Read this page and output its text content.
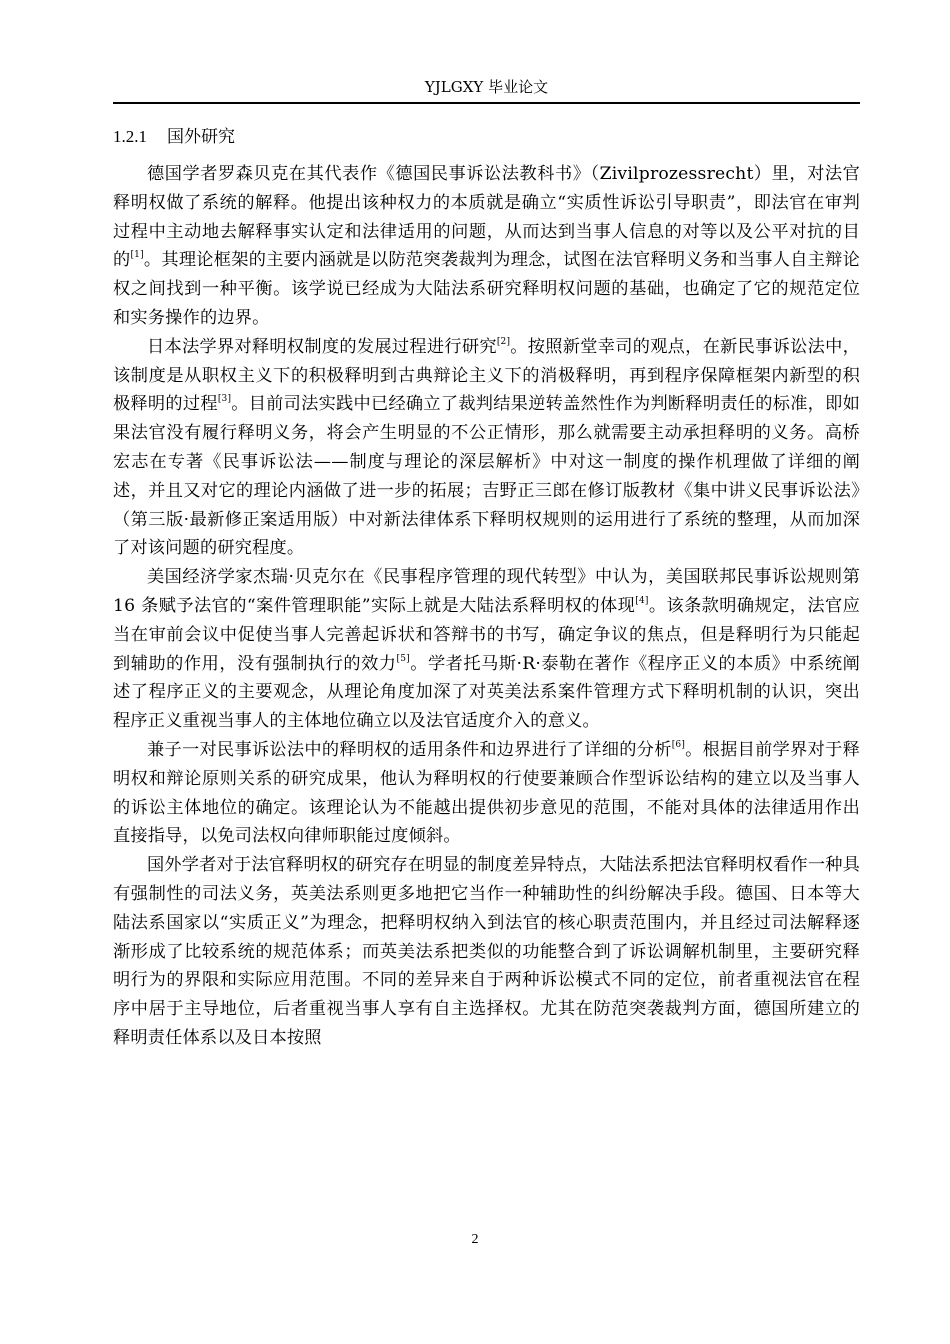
YJLGXY 毕业论文
1.2.1 国外研究

德国学者罗森贝克在其代表作《德国民事诉讼法教科书》（Zivilprozessrecht）里，对法官释明权做了系统的解释。他提出该种权力的本质就是确立“实质性诉讼引导职责”，即法官在审判过程中主动地去解释事实认定和法律适用的问题，从而达到当事人信息的对等以及公平对抗的目的[1]。其理论框架的主要内涵就是以防范突袭裁判为理念，试图在法官释明义务和当事人自主辩论权之间找到一种平衡。该学说已经成为大陆法系研究释明权问题的基础，也确定了它的规范定位和实务操作的边界。

日本法学界对释明权制度的发展过程进行研究[2]。按照新堂幸司的观点，在新民事诉讼法中，该制度是从职权主义下的积极释明到古典辩论主义下的消极释明，再到程序保障框架内新型的积极释明的过程[3]。目前司法实践中已经确立了裁判结果逆转盖然性作为判断释明责任的标准，即如果法官没有履行释明义务，将会产生明显的不公正情形，那么就需要主动承担释明的义务。高桥宏志在专著《民事诉讼法——制度与理论的深层解析》中对这一制度的操作机理做了详细的阐述，并且又对它的理论内涵做了进一步的拓展；吉野正三郎在修订版教材《集中讲义民事诉讼法》（第三版·最新修正案适用版）中对新法律体系下释明权规则的运用进行了系统的整理，从而加深了对该问题的研究程度。

美国经济学家杰瑞·贝克尔在《民事程序管理的现代转型》中认为，美国联邦民事诉讼规则第 16 条赋予法官的“案件管理职能”实际上就是大陆法系释明权的体现[4]。该条款明确规定，法官应当在审前会议中促使当事人完善起诉状和答辩书的书写，确定争议的焦点，但是释明行为只能起到辅助的作用，没有强制执行的效力[5]。学者托马斯·R·泰勒在著作《程序正义的本质》中系统阐述了程序正义的主要观念，从理论角度加深了对英美法系案件管理方式下释明机制的认识，突出程序正义重视当事人的主体地位确立以及法官适度介入的意义。

兼子一对民事诉讼法中的释明权的适用条件和边界进行了详细的分析[6]。根据目前学界对于释明权和辩论原则关系的研究成果，他认为释明权的行使要兼顾合作型诉讼结构的建立以及当事人的诉讼主体地位的确定。该理论认为不能越出提供初步意见的范围，不能对具体的法律适用作出直接指导，以免司法权向律师职能过度倾斜。

国外学者对于法官释明权的研究存在明显的制度差异特点，大陆法系把法官释明权看作一种具有强制性的司法义务，英美法系则更多地把它当作一种辅助性的纠纷解决手段。德国、日本等大陆法系国家以“实质正义”为理念，把释明权纳入到法官的核心职责范围内，并且经过司法解释逐渐形成了比较系统的规范体系；而英美法系把类似的功能整合到了诉讼调解机制里，主要研究释明行为的界限和实际应用范围。不同的差异来自于两种诉讼模式不同的定位，前者重视法官在程序中居于主导地位，后者重视当事人享有自主选择权。尤其在防范突袭裁判方面，德国所建立的释明责任体系以及日本按照

2
